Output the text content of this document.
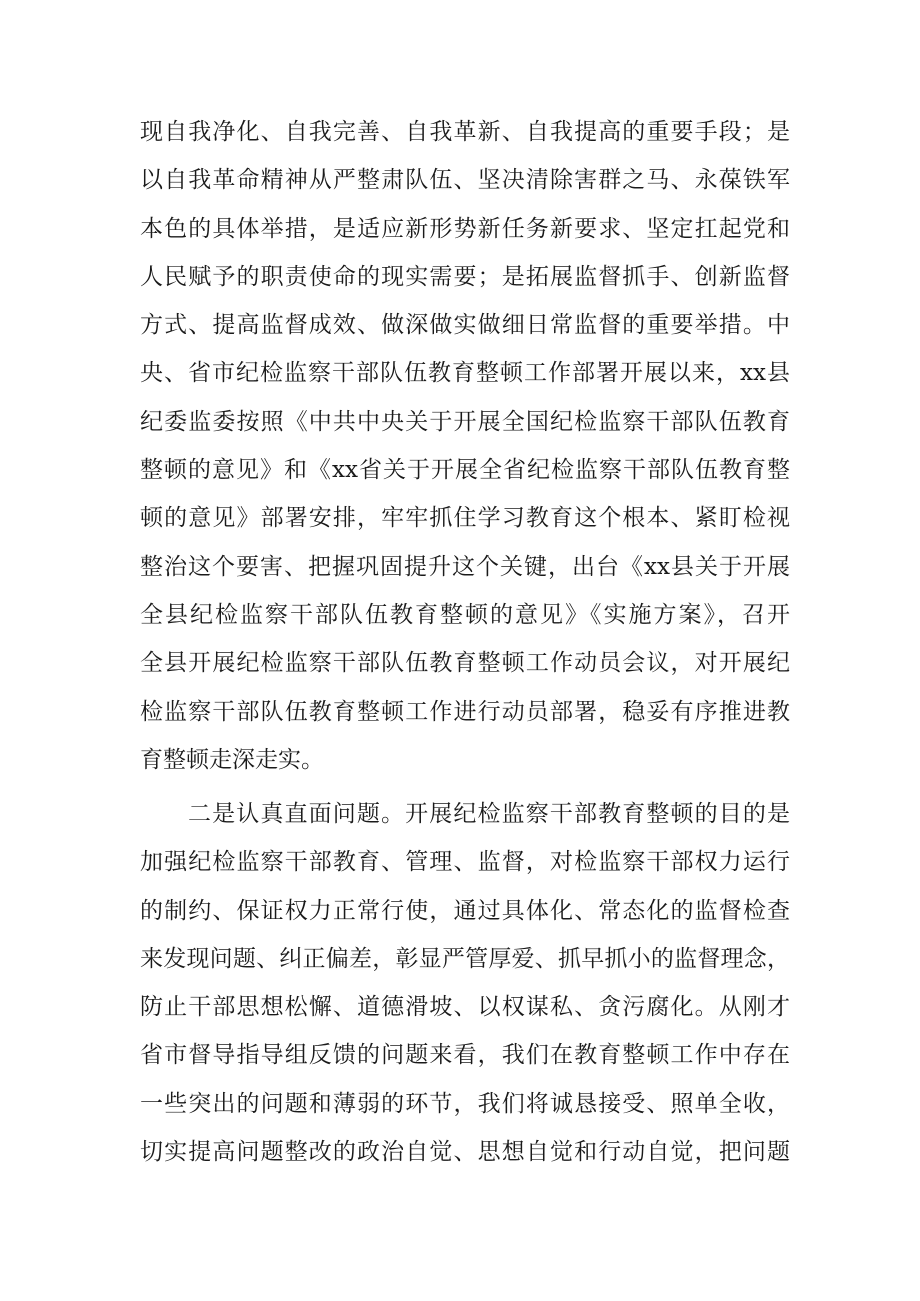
现自我净化、自我完善、自我革新、自我提高的重要手段；是
以自我革命精神从严整肃队伍、坚决清除害群之马、永葆铁军
本色的具体举措，是适应新形势新任务新要求、坚定扛起党和
人民赋予的职责使命的现实需要；是拓展监督抓手、创新监督
方式、提高监督成效、做深做实做细日常监督的重要举措。中
央、省市纪检监察干部队伍教育整顿工作部署开展以来，xx县
纪委监委按照《中共中央关于开展全国纪检监察干部队伍教育
整顿的意见》和《xx省关于开展全省纪检监察干部队伍教育整
顿的意见》部署安排，牢牢抓住学习教育这个根本、紧盯检视
整治这个要害、把握巩固提升这个关键，出台《xx县关于开展
全县纪检监察干部队伍教育整顿的意见》《实施方案》，召开
全县开展纪检监察干部队伍教育整顿工作动员会议，对开展纪
检监察干部队伍教育整顿工作进行动员部署，稳妥有序推进教
育整顿走深走实。
二是认真直面问题。开展纪检监察干部教育整顿的目的是
加强纪检监察干部教育、管理、监督，对检监察干部权力运行
的制约、保证权力正常行使，通过具体化、常态化的监督检查
来发现问题、纠正偏差，彰显严管厚爱、抓早抓小的监督理念，
防止干部思想松懈、道德滑坡、以权谋私、贪污腐化。从刚才
省市督导指导组反馈的问题来看，我们在教育整顿工作中存在
一些突出的问题和薄弱的环节，我们将诚恳接受、照单全收，
切实提高问题整改的政治自觉、思想自觉和行动自觉，把问题
